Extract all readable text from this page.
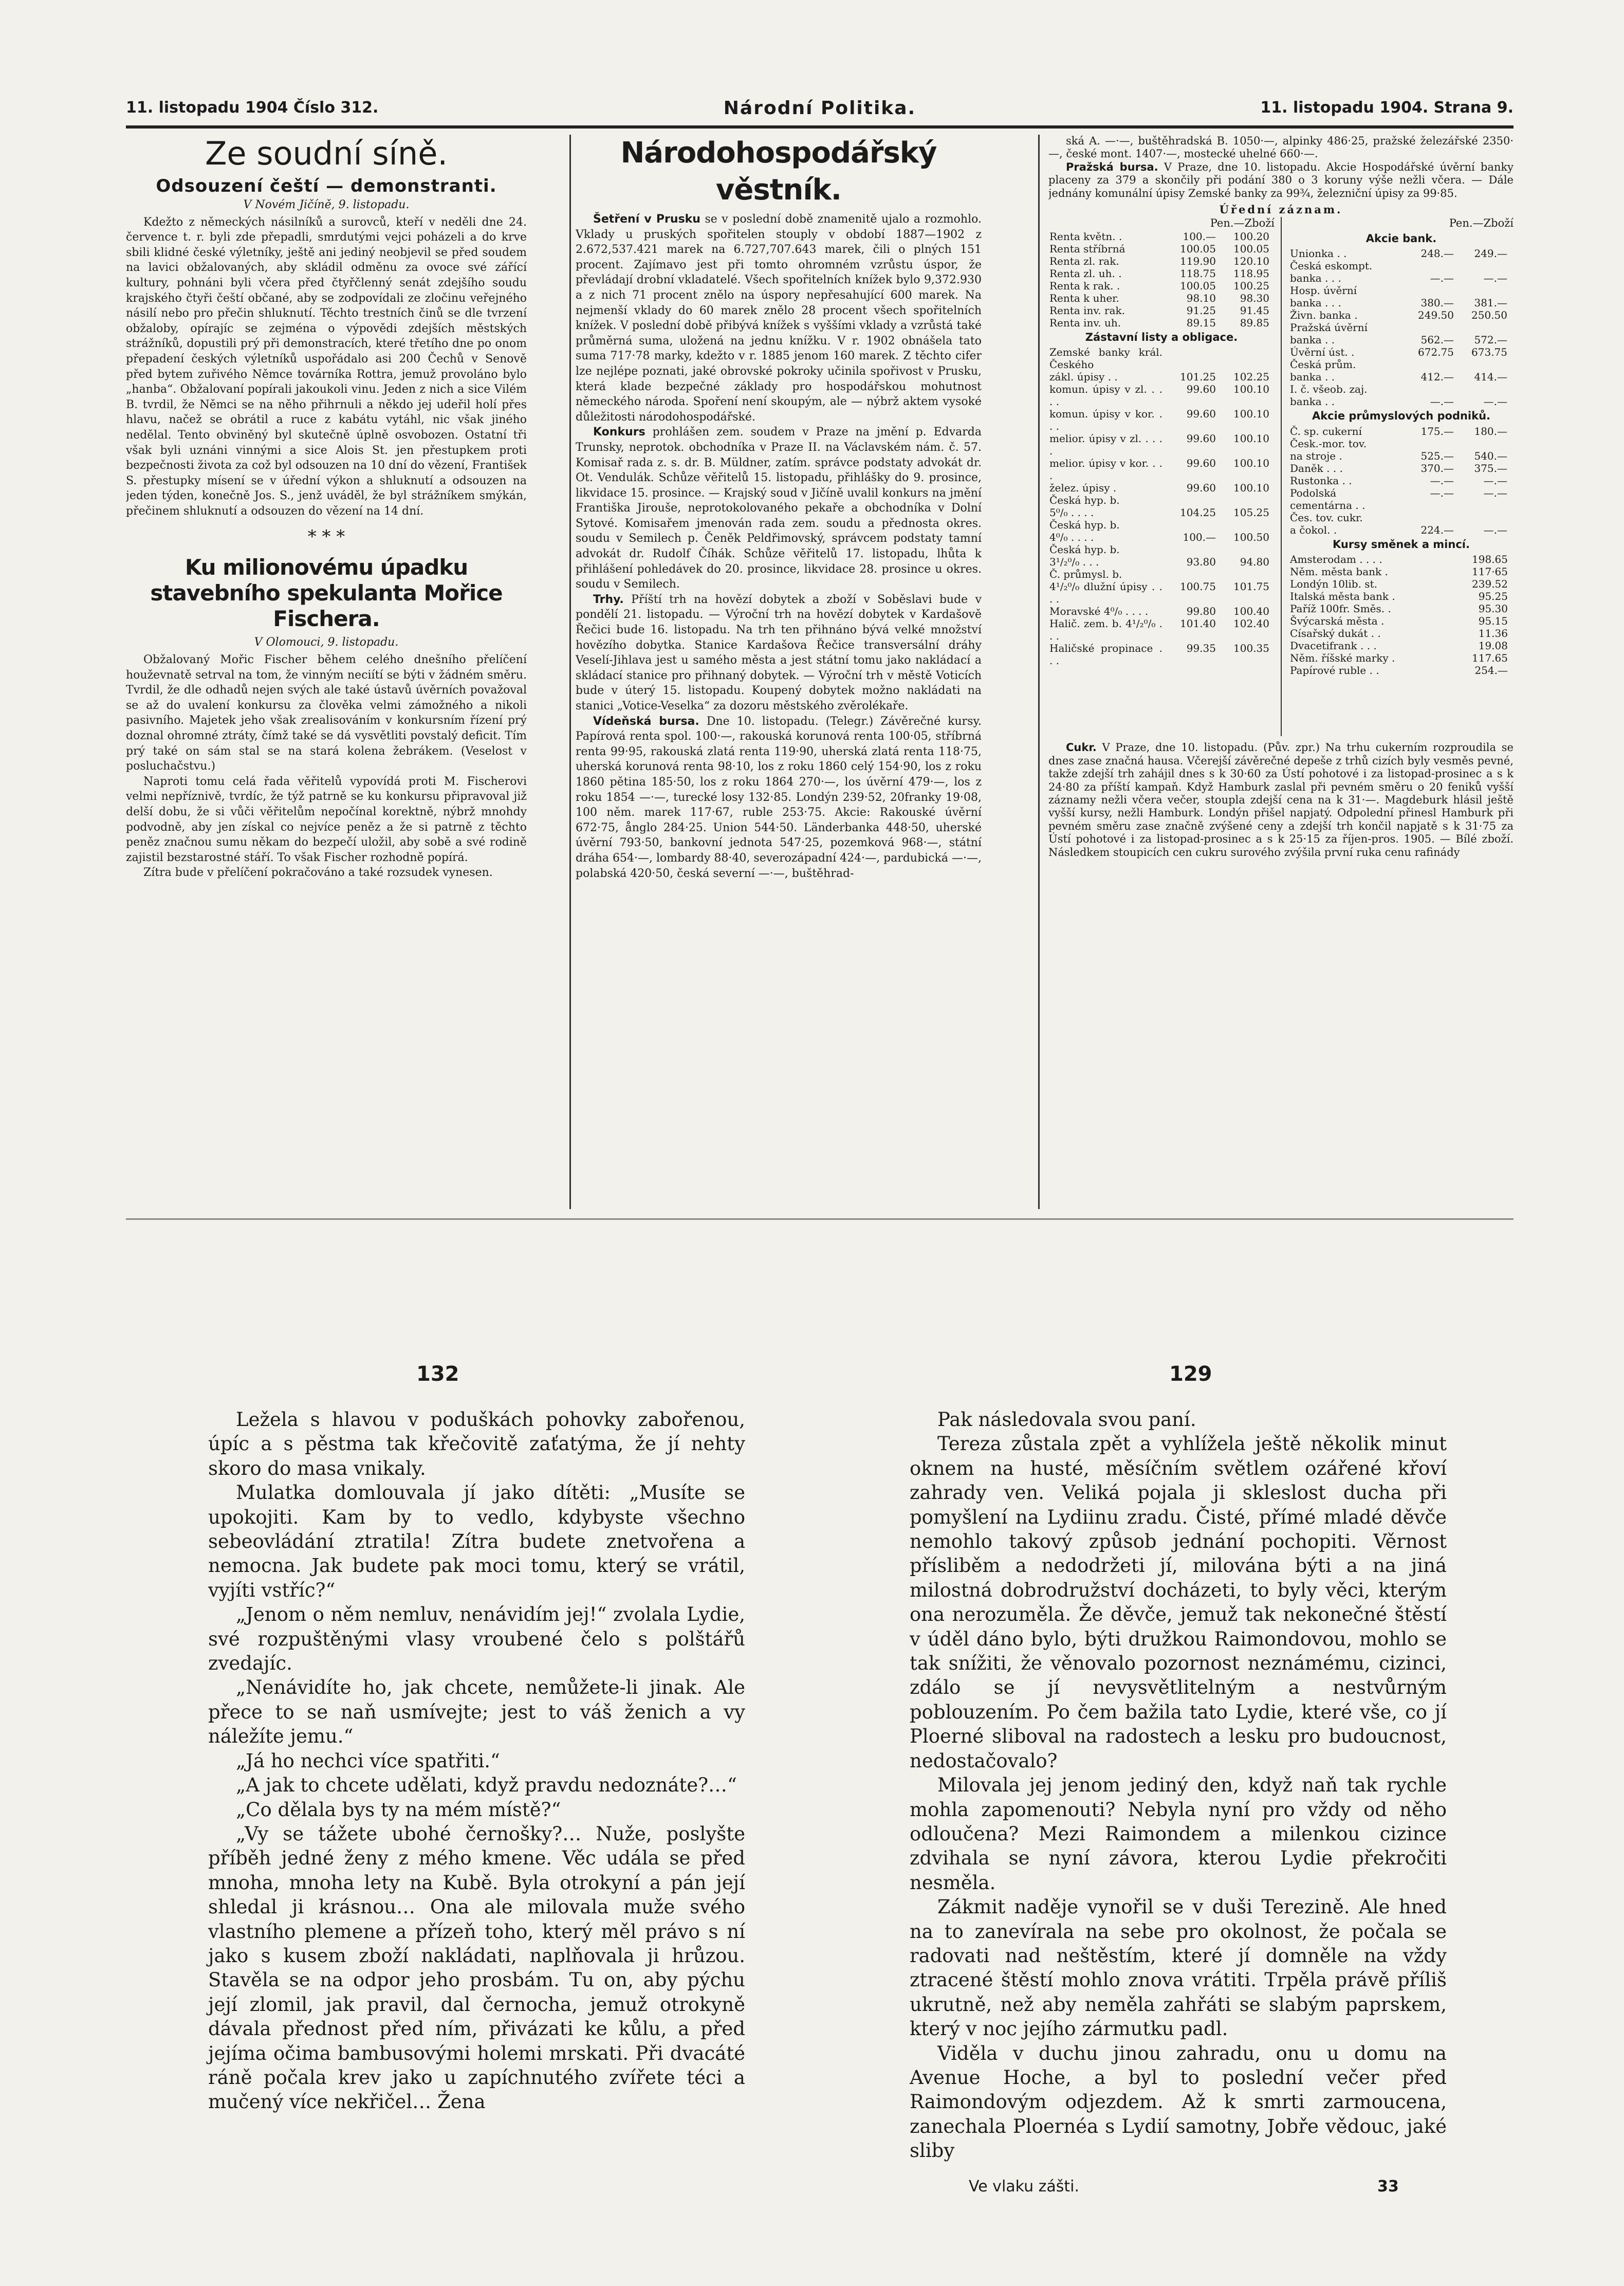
11. listopadu 1904 Číslo 312.	Národní Politika.	11. listopadu 1904. Strana 9.
Ze soudní síně.
Odsouzení čeští — demonstranti.

V Novém Jičíně, 9. listopadu.

Kdežto z německých násilníků a surovců, kteří v neděli dne 24. července t. r. byli zde přepadli, smrdutými vejci poházeli a do krve sbili klidné české výletníky, ještě ani jediný neobjevil se před soudem na lavici obžalovaných, aby skládil odměnu za ovoce své zářící kultury, pohnáni byli včera před čtyřčlenný senát zdejšího soudu krajského čtyři čeští občané, aby se zodpovídali ze zločinu veřejného násilí nebo pro přečin shluknutí. Těchto trestních činů se dle tvrzení obžaloby, opírajíc se zejména o výpovědi zdejších městských strážníků, dopustili prý při demonstracích, které třetího dne po onom přepadení českých výletníků uspořádalo asi 200 Čechů v Senově před bytem zuřivého Němce továrníka Rottra, jemuž provoláno bylo „hanba“. Obžalovaní popírali jakoukoli vinu. Jeden z nich a sice Vilém B. tvrdil, že Němci se na něho přihrnuli a někdo jej udeřil holí přes hlavu, načež se obrátil a ruce z kabátu vytáhl, nic však jiného nedělal. Tento obviněný byl skutečně úplně osvobozen. Ostatní tři však byli uznáni vinnými a sice Alois St. jen přestupkem proti bezpečnosti života za což byl odsouzen na 10 dní do vězení, František S. přestupky mísení se v úřední výkon a shluknutí a odsouzen na jeden týden, konečně Jos. S., jenž uváděl, že byl strážníkem smýkán, přečinem shluknutí a odsouzen do vězení na 14 dní.

* * *
Ku milionovému úpadku stavebního spekulanta Mořice Fischera.

V Olomouci, 9. listopadu.

Obžalovaný Mořic Fischer během celého dnešního přelíčení houževnatě setrval na tom, že vinným neciítí se býti v žádném směru. Tvrdil, že dle odhadů nejen svých ale také ústavů úvěrních považoval se až do uvalení konkursu za člověka velmi zámožného a nikoli pasivního. Majetek jeho však zrealisováním v konkursním řízení prý doznal ohromné ztráty, čímž také se dá vysvětliti povstalý deficit. Tím prý také on sám stal se na stará kolena žebrákem. (Veselost v posluchačstvu.)

Naproti tomu celá řada věřitelů vypovídá proti M. Fischerovi velmi nepříznivě, tvrdíc, že týž patrně se ku konkursu připravoval již delší dobu, že si vůči věřitelům nepočínal korektně, nýbrž mnohdy podvodně, aby jen získal co nejvíce peněz a že si patrně z těchto peněz značnou sumu někam do bezpečí uložil, aby sobě a své rodině zajistil bezstarostné stáří. To však Fischer rozhodně popírá.

Zítra bude v přelíčení pokračováno a také rozsudek vynesen.

Národohospodářský věstník.

Šetření v Prusku se v poslední době znamenitě ujalo a rozmohlo. Vklady u pruských spořitelen stouply v období 1887—1902 z 2.672,537.421 marek na 6.727,707.643 marek, čili o plných 151 procent. Zajímavo jest při tomto ohromném vzrůstu úspor, že převládají drobní vkladatelé. Všech spořitelních knížek bylo 9,372.930 a z nich 71 procent znělo na úspory nepřesahující 600 marek. Na nejmenší vklady do 60 marek znělo 28 procent všech spořitelních knížek. V poslední době přibývá knížek s vyššími vklady a vzrůstá také průměrná suma, uložená na jednu knížku. V r. 1902 obnášela tato suma 717·78 marky, kdežto v r. 1885 jenom 160 marek. Z těchto cifer lze nejlépe poznati, jaké obrovské pokroky učinila spořivost v Prusku, která klade bezpečné základy pro hospodářskou mohutnost německého národa. Spoření není skoupým, ale — nýbrž aktem vysoké důležitosti národohospodářské.

Konkurs prohlášen zem. soudem v Praze na jmění p. Edvarda Trunsky, neprotok. obchodníka v Praze II. na Václavském nám. č. 57. Komisař rada z. s. dr. B. Müldner, zatím. správce podstaty advokát dr. Ot. Vendulák. Schůze věřitelů 15. listopadu, přihlášky do 9. prosince, likvidace 15. prosince. — Krajský soud v Jičíně uvalil konkurs na jmění Františka Jirouše, neprotokolovaného pekaře a obchodníka v Dolní Sytové. Komisařem jmenován rada zem. soudu a přednosta okres. soudu v Semilech p. Čeněk Peldřimovský, správcem podstaty tamní advokát dr. Rudolf Číhák. Schůze věřitelů 17. listopadu, lhůta k přihlášení pohledávek do 20. prosince, likvidace 28. prosince u okres. soudu v Semilech.

Trhy. Příští trh na hovězí dobytek a zboží v Soběslavi bude v pondělí 21. listopadu. — Výroční trh na hovězí dobytek v Kardašově Řečici bude 16. listopadu. Na trh ten přihnáno bývá velké množství hovězího dobytka. Stanice Kardašova Řečice transversální dráhy Veselí-Jihlava jest u samého města a jest státní tomu jako nakládací a skládací stanice pro přihnaný dobytek. — Výroční trh v městě Voticích bude v úterý 15. listopadu. Koupený dobytek možno nakládati na stanici „Votice-Veselka“ za dozoru městského zvěrolékaře.

Vídeňská bursa. Dne 10. listopadu. (Telegr.) Závěrečné kursy. Papírová renta spol. 100·—, rakouská korunová renta 100·05, stříbrná renta 99·95, rakouská zlatá renta 119·90, uherská zlatá renta 118·75, uherská korunová renta 98·10, los z roku 1860 celý 154·90, los z roku 1860 pětina 185·50, los z roku 1864 270·—, los úvěrní 479·—, los z roku 1854 —·—, turecké losy 132·85. Londýn 239·52, 20franky 19·08, 100 něm. marek 117·67, ruble 253·75. Akcie: Rakouské úvěrní 672·75, ånglo 284·25. Union 544·50. Länderbanka 448·50, uherské úvěrní 793·50, bankovní jednota 547·25, pozemková 968·—, státní dráha 654·—, lombardy 88·40, severozápadní 424·—, pardubická —·—, polabská 420·50, česká severní —·—, buštěhrad-

ská A. —·—, buštěhradská B. 1050·—, alpinky 486·25, pražské železářské 2350·—, české mont. 1407·—, mostecké uhelné 660·—.

Pražská bursa. V Praze, dne 10. listopadu. Akcie Hospodářské úvěrní banky placeny za 379 a skončily při podání 380 o 3 koruny výše nežli včera. — Dále jednány komunální úpisy Zemské banky za 99¾, železniční úpisy za 99·85.

Úřední záznam.
Pen.—Zboží
Renta květn. .	100.—	100.20
Renta stříbrná	100.05	100.05
Renta zl. rak.	119.90	120.10
Renta zl. uh. .	118.75	118.95
Renta k rak. .	100.05	100.25
Renta k uher.	98.10	98.30
Renta inv. rak.	91.25	91.45
Renta inv. uh.	89.15	89.85
Zástavní listy a obligace.
Zemské banky král. Českého		
zákl. úpisy . .	101.25	102.25
komun. úpisy v zl. . . . .	99.60	100.10
komun. úpisy v kor. . . .	99.60	100.10
melior. úpisy v zl. . . . .	99.60	100.10
melior. úpisy v kor. . . .	99.60	100.10
želez. úpisy .	99.60	100.10
Česká hyp. b.		
5⁰/₀ . . . .	104.25	105.25
Česká hyp. b.		
4⁰/₀ . . . .	100.—	100.50
Česká hyp. b.		
3¹/₂⁰/₀ . . .	93.80	94.80
Č. průmysl. b.		
4¹/₂⁰/₀ dlužní úpisy . . . .	100.75	101.75
Moravské 4⁰/₀ . . . .	99.80	100.40
Halič. zem. b. 4¹/₂⁰/₀ . . .	101.40	102.40
Haličské propinace . . .	99.35	100.35
Pen.—Zboží
Akcie bank.
Unionka . .	248.—	249.—
Česká eskompt.		
banka . . .	—.—	—.—
Hosp. úvěrní		
banka . . .	380.—	381.—
Živn. banka .	249.50	250.50
Pražská úvěrní		
banka . .	562.—	572.—
Úvěrní úst. .	672.75	673.75
Česká prům.		
banka . .	412.—	414.—
I. č. všeob. zaj.		
banka . .	—.—	—.—
Akcie průmyslových podniků.
Č. sp. cukerní	175.—	180.—
Česk.-mor. tov.		
na stroje .	525.—	540.—
Daněk . . .	370.—	375.—
Rustonka . .	—.—	—.—
Podolská cementárna . .	—.—	—.—
Čes. tov. cukr.		
a čokol. .	224.—	—.—
Kursy směnek a mincí.
Amsterodam . . . .	198.65
Něm. města bank .	117·65
Londýn 10lib. st.	239.52
Italská města bank .	95.25
Paříž 100fr. Směs. .	95.30
Švýcarská města .	95.15
Císařský dukát . .	11.36
Dvacetifrank . . .	19.08
Něm. říšské marky .	117.65
Papírové ruble . .	254.—

Cukr. V Praze, dne 10. listopadu. (Pův. zpr.) Na trhu cukerním rozproudila se dnes zase značná hausa. Včerejší závěrečné depeše z trhů cizích byly vesměs pevné, takže zdejší trh zahájil dnes s k 30·60 za Ústí pohotové i za listopad-prosinec a s k 24·80 za příští kampaň. Když Hamburk zaslal při pevném směru o 20 feniků vyšší záznamy nežli včera večer, stoupla zdejší cena na k 31·—. Magdeburk hlásil ještě vyšší kursy, nežli Hamburk. Londýn přišel napjatý. Odpolední přinesl Hamburk při pevném směru zase značně zvýšené ceny a zdejší trh končil napjatě s k 31·75 za Ústí pohotové i za listopad-prosinec a s k 25·15 za říjen-pros. 1905. — Bílé zboží. Následkem stoupicích cen cukru surového zvýšila první ruka cenu rafinády

132

Ležela s hlavou v poduškách pohovky zabořenou, úpíc a s pěstma tak křečovitě zaťatýma, že jí nehty skoro do masa vnikaly.

Mulatka domlouvala jí jako dítěti: „Musíte se upokojiti. Kam by to vedlo, kdybyste všechno sebeovládání ztratila! Zítra budete znetvořena a nemocna. Jak budete pak moci tomu, který se vrátil, vyjíti vstříc?“

„Jenom o něm nemluv, nenávidím jej!“ zvolala Lydie, své rozpuštěnými vlasy vroubené čelo s polštářů zvedajíc.

„Nenávidíte ho, jak chcete, nemůžete-li jinak. Ale přece to se naň usmívejte; jest to váš ženich a vy náležíte jemu.“

„Já ho nechci více spatřiti.“

„A jak to chcete udělati, když pravdu nedoznáte?…“

„Co dělala bys ty na mém místě?“

„Vy se tážete ubohé černošky?… Nuže, poslyšte příběh jedné ženy z mého kmene. Věc udála se před mnoha, mnoha lety na Kubě. Byla otrokyní a pán její shledal ji krásnou… Ona ale milovala muže svého vlastního plemene a přízeň toho, který měl právo s ní jako s kusem zboží nakládati, naplňovala ji hrůzou. Stavěla se na odpor jeho prosbám. Tu on, aby pýchu její zlomil, jak pravil, dal černocha, jemuž otrokyně dávala přednost před ním, přivázati ke kůlu, a před jejíma očima bambusovými holemi mrskati. Při dvacáté ráně počala krev jako u zapíchnutého zvířete téci a mučený více nekřičel… Žena

129

Pak následovala svou paní.

Tereza zůstala zpět a vyhlížela ještě několik minut oknem na husté, měsíčním světlem ozářené křoví zahrady ven. Veliká pojala ji skleslost ducha při pomyšlení na Lydiinu zradu. Čisté, přímé mladé děvče nemohlo takový způsob jednání pochopiti. Věrnost přísliběm a nedodržeti jí, milována býti a na jiná milostná dobrodružství docházeti, to byly věci, kterým ona nerozuměla. Že děvče, jemuž tak nekonečné štěstí v úděl dáno bylo, býti družkou Raimondovou, mohlo se tak snížiti, že věnovalo pozornost neznámému, cizinci, zdálo se jí nevysvětlitelným a nestvůrným poblouzením. Po čem bažila tato Lydie, které vše, co jí Ploerné sliboval na radostech a lesku pro budoucnost, nedostačovalo?

Milovala jej jenom jediný den, když naň tak rychle mohla zapomenouti? Nebyla nyní pro vždy od něho odloučena? Mezi Raimondem a milenkou cizince zdvihala se nyní závora, kterou Lydie překročiti nesměla.

Zákmit naděje vynořil se v duši Terezině. Ale hned na to zanevírala na sebe pro okolnost, že počala se radovati nad neštěstím, které jí domněle na vždy ztracené štěstí mohlo znova vrátiti. Trpěla právě příliš ukrutně, než aby neměla zahřáti se slabým paprskem, který v noc jejího zármutku padl.

Viděla v duchu jinou zahradu, onu u domu na Avenue Hoche, a byl to poslední večer před Raimondovým odjezdem. Až k smrti zarmoucena, zanechala Ploernéa s Lydií samotny, Jobře vědouc, jaké sliby

Ve vlaku zášti.	33
